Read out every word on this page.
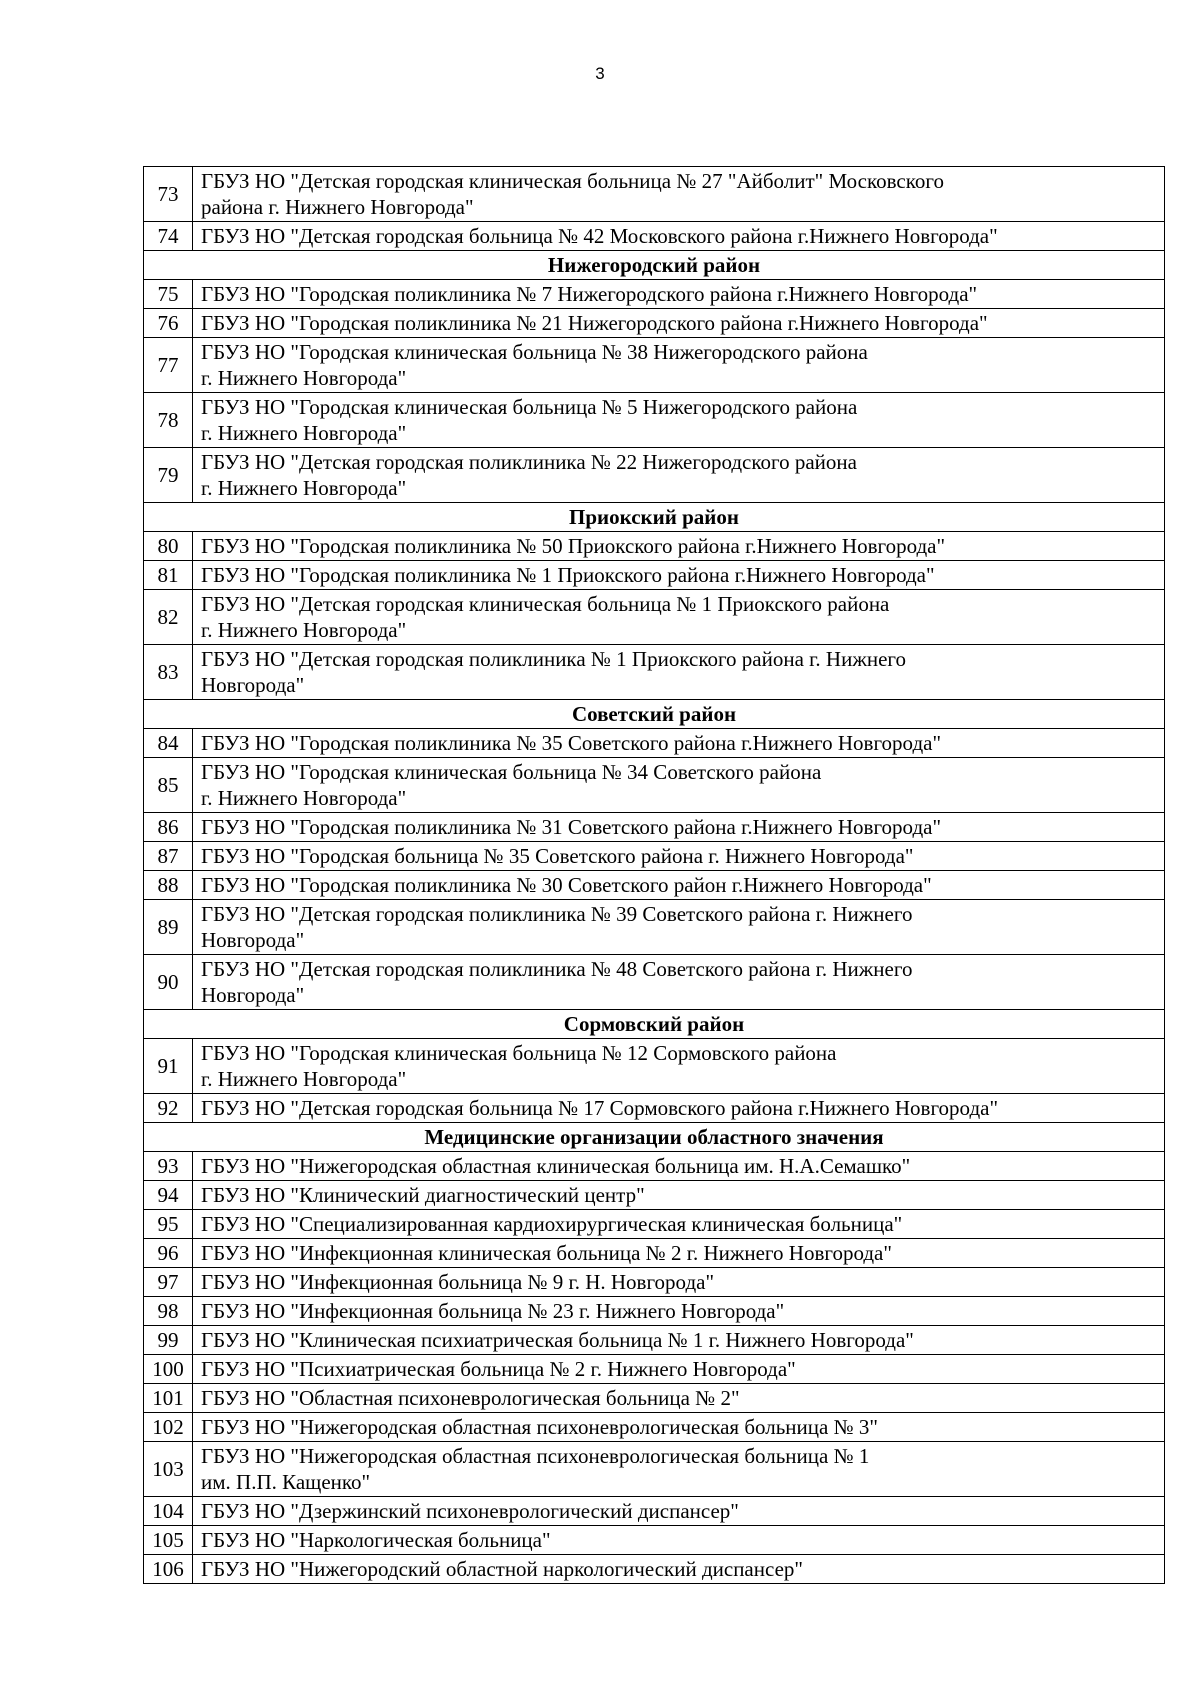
3
73	ГБУЗ НО "Детская городская клиническая больница № 27 "Айболит" Московского
района г. Нижнего Новгорода"
74	ГБУЗ НО "Детская городская больница № 42 Московского района г.Нижнего Новгорода"
Нижегородский район	
75	ГБУЗ НО "Городская поликлиника № 7 Нижегородского района г.Нижнего Новгорода"
76	ГБУЗ НО "Городская поликлиника № 21 Нижегородского района г.Нижнего Новгорода"
77	ГБУЗ НО "Городская клиническая больница № 38 Нижегородского района
г. Нижнего Новгорода"
78	ГБУЗ НО "Городская клиническая больница № 5 Нижегородского района
г. Нижнего Новгорода"
79	ГБУЗ НО "Детская городская поликлиника № 22 Нижегородского района
г. Нижнего Новгорода"
Приокский район	
80	ГБУЗ НО "Городская поликлиника № 50 Приокского района г.Нижнего Новгорода"
81	ГБУЗ НО "Городская поликлиника № 1 Приокского района г.Нижнего Новгорода"
82	ГБУЗ НО "Детская городская клиническая больница № 1 Приокского района
г. Нижнего Новгорода"
83	ГБУЗ НО "Детская городская поликлиника № 1 Приокского района г. Нижнего
Новгорода"
Советский район	
84	ГБУЗ НО "Городская поликлиника № 35 Советского района г.Нижнего Новгорода"
85	ГБУЗ НО "Городская клиническая больница № 34 Советского района
г. Нижнего Новгорода"
86	ГБУЗ НО "Городская поликлиника № 31 Советского района г.Нижнего Новгорода"
87	ГБУЗ НО "Городская больница № 35 Советского района г. Нижнего Новгорода"
88	ГБУЗ НО "Городская поликлиника № 30 Советского район г.Нижнего Новгорода"
89	ГБУЗ НО "Детская городская поликлиника № 39 Советского района г. Нижнего
Новгорода"
90	ГБУЗ НО "Детская городская поликлиника № 48 Советского района г. Нижнего
Новгорода"
Сормовский район	
91	ГБУЗ НО "Городская клиническая больница № 12 Сормовского района
г. Нижнего Новгорода"
92	ГБУЗ НО "Детская городская больница № 17 Сормовского района г.Нижнего Новгорода"
Медицинские организации областного значения	
93	ГБУЗ НО "Нижегородская областная клиническая больница им. Н.А.Семашко"
94	ГБУЗ НО "Клинический диагностический центр"
95	ГБУЗ НО "Специализированная кардиохирургическая клиническая больница"
96	ГБУЗ НО "Инфекционная клиническая больница № 2 г. Нижнего Новгорода"
97	ГБУЗ НО "Инфекционная больница № 9 г. Н. Новгорода"
98	ГБУЗ НО "Инфекционная больница № 23 г. Нижнего Новгорода"
99	ГБУЗ НО "Клиническая психиатрическая больница № 1 г. Нижнего Новгорода"
100	ГБУЗ НО "Психиатрическая больница № 2 г. Нижнего Новгорода"
101	ГБУЗ НО "Областная психоневрологическая больница № 2"
102	ГБУЗ НО "Нижегородская областная психоневрологическая больница № 3"
103	ГБУЗ НО "Нижегородская областная психоневрологическая больница № 1
им. П.П. Кащенко"
104	ГБУЗ НО "Дзержинский психоневрологический диспансер"
105	ГБУЗ НО "Наркологическая больница"
106	ГБУЗ НО "Нижегородский областной наркологический диспансер"
